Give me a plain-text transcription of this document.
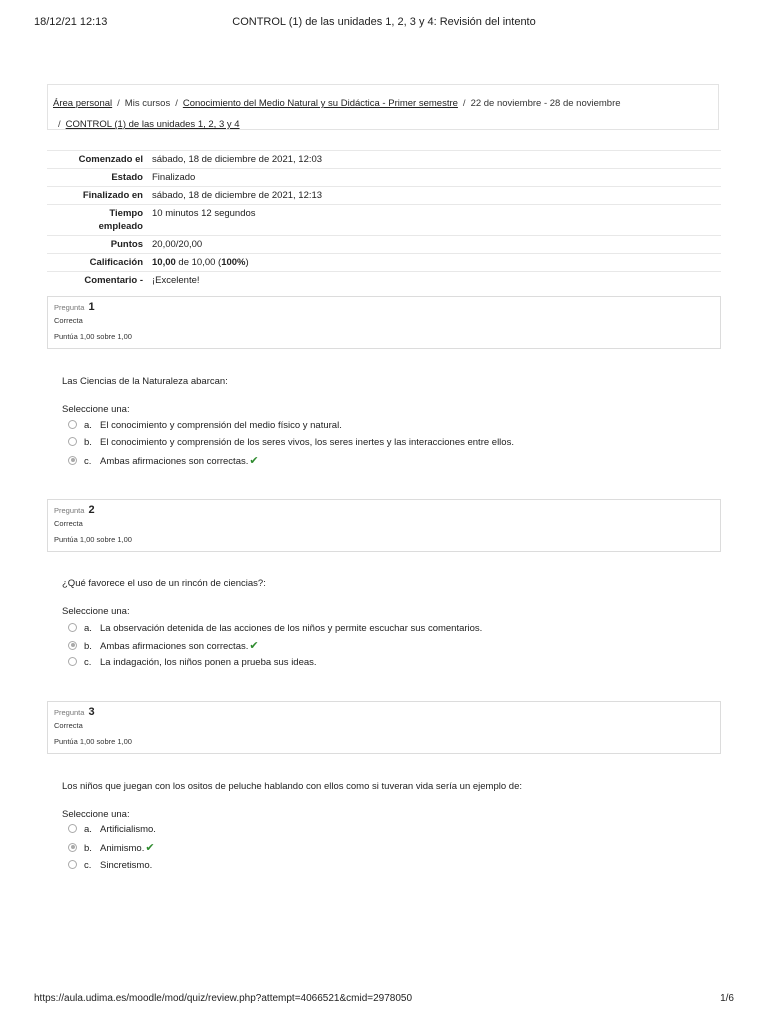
18/12/21 12:13	CONTROL (1) de las unidades 1, 2, 3 y 4: Revisión del intento
Área personal / Mis cursos / Conocimiento del Medio Natural y su Didáctica - Primer semestre / 22 de noviembre - 28 de noviembre
/ CONTROL (1) de las unidades 1, 2, 3 y 4
Comenzado el	sábado, 18 de diciembre de 2021, 12:03
Estado	Finalizado
Finalizado en	sábado, 18 de diciembre de 2021, 12:13
Tiempo
empleado	10 minutos 12 segundos
Puntos	20,00/20,00
Calificación	10,00 de 10,00 (100%)
Comentario -	¡Excelente!
Pregunta 1
Correcta
Puntúa 1,00 sobre 1,00
Las Ciencias de la Naturaleza abarcan:
Seleccione una:
a. El conocimiento y comprensión del medio físico y natural.
b. El conocimiento y comprensión de los seres vivos, los seres inertes y las interacciones entre ellos.
c. Ambas afirmaciones son correctas.✔
Pregunta 2
Correcta
Puntúa 1,00 sobre 1,00
¿Qué favorece el uso de un rincón de ciencias?:
Seleccione una:
a. La observación detenida de las acciones de los niños y permite escuchar sus comentarios.
b. Ambas afirmaciones son correctas.✔
c. La indagación, los niños ponen a prueba sus ideas.
Pregunta 3
Correcta
Puntúa 1,00 sobre 1,00
Los niños que juegan con los ositos de peluche hablando con ellos como si tuveran vida sería un ejemplo de:
Seleccione una:
a. Artificialismo.
b. Animismo.✔
c. Sincretismo.
https://aula.udima.es/moodle/mod/quiz/review.php?attempt=4066521&cmid=2978050	1/6
